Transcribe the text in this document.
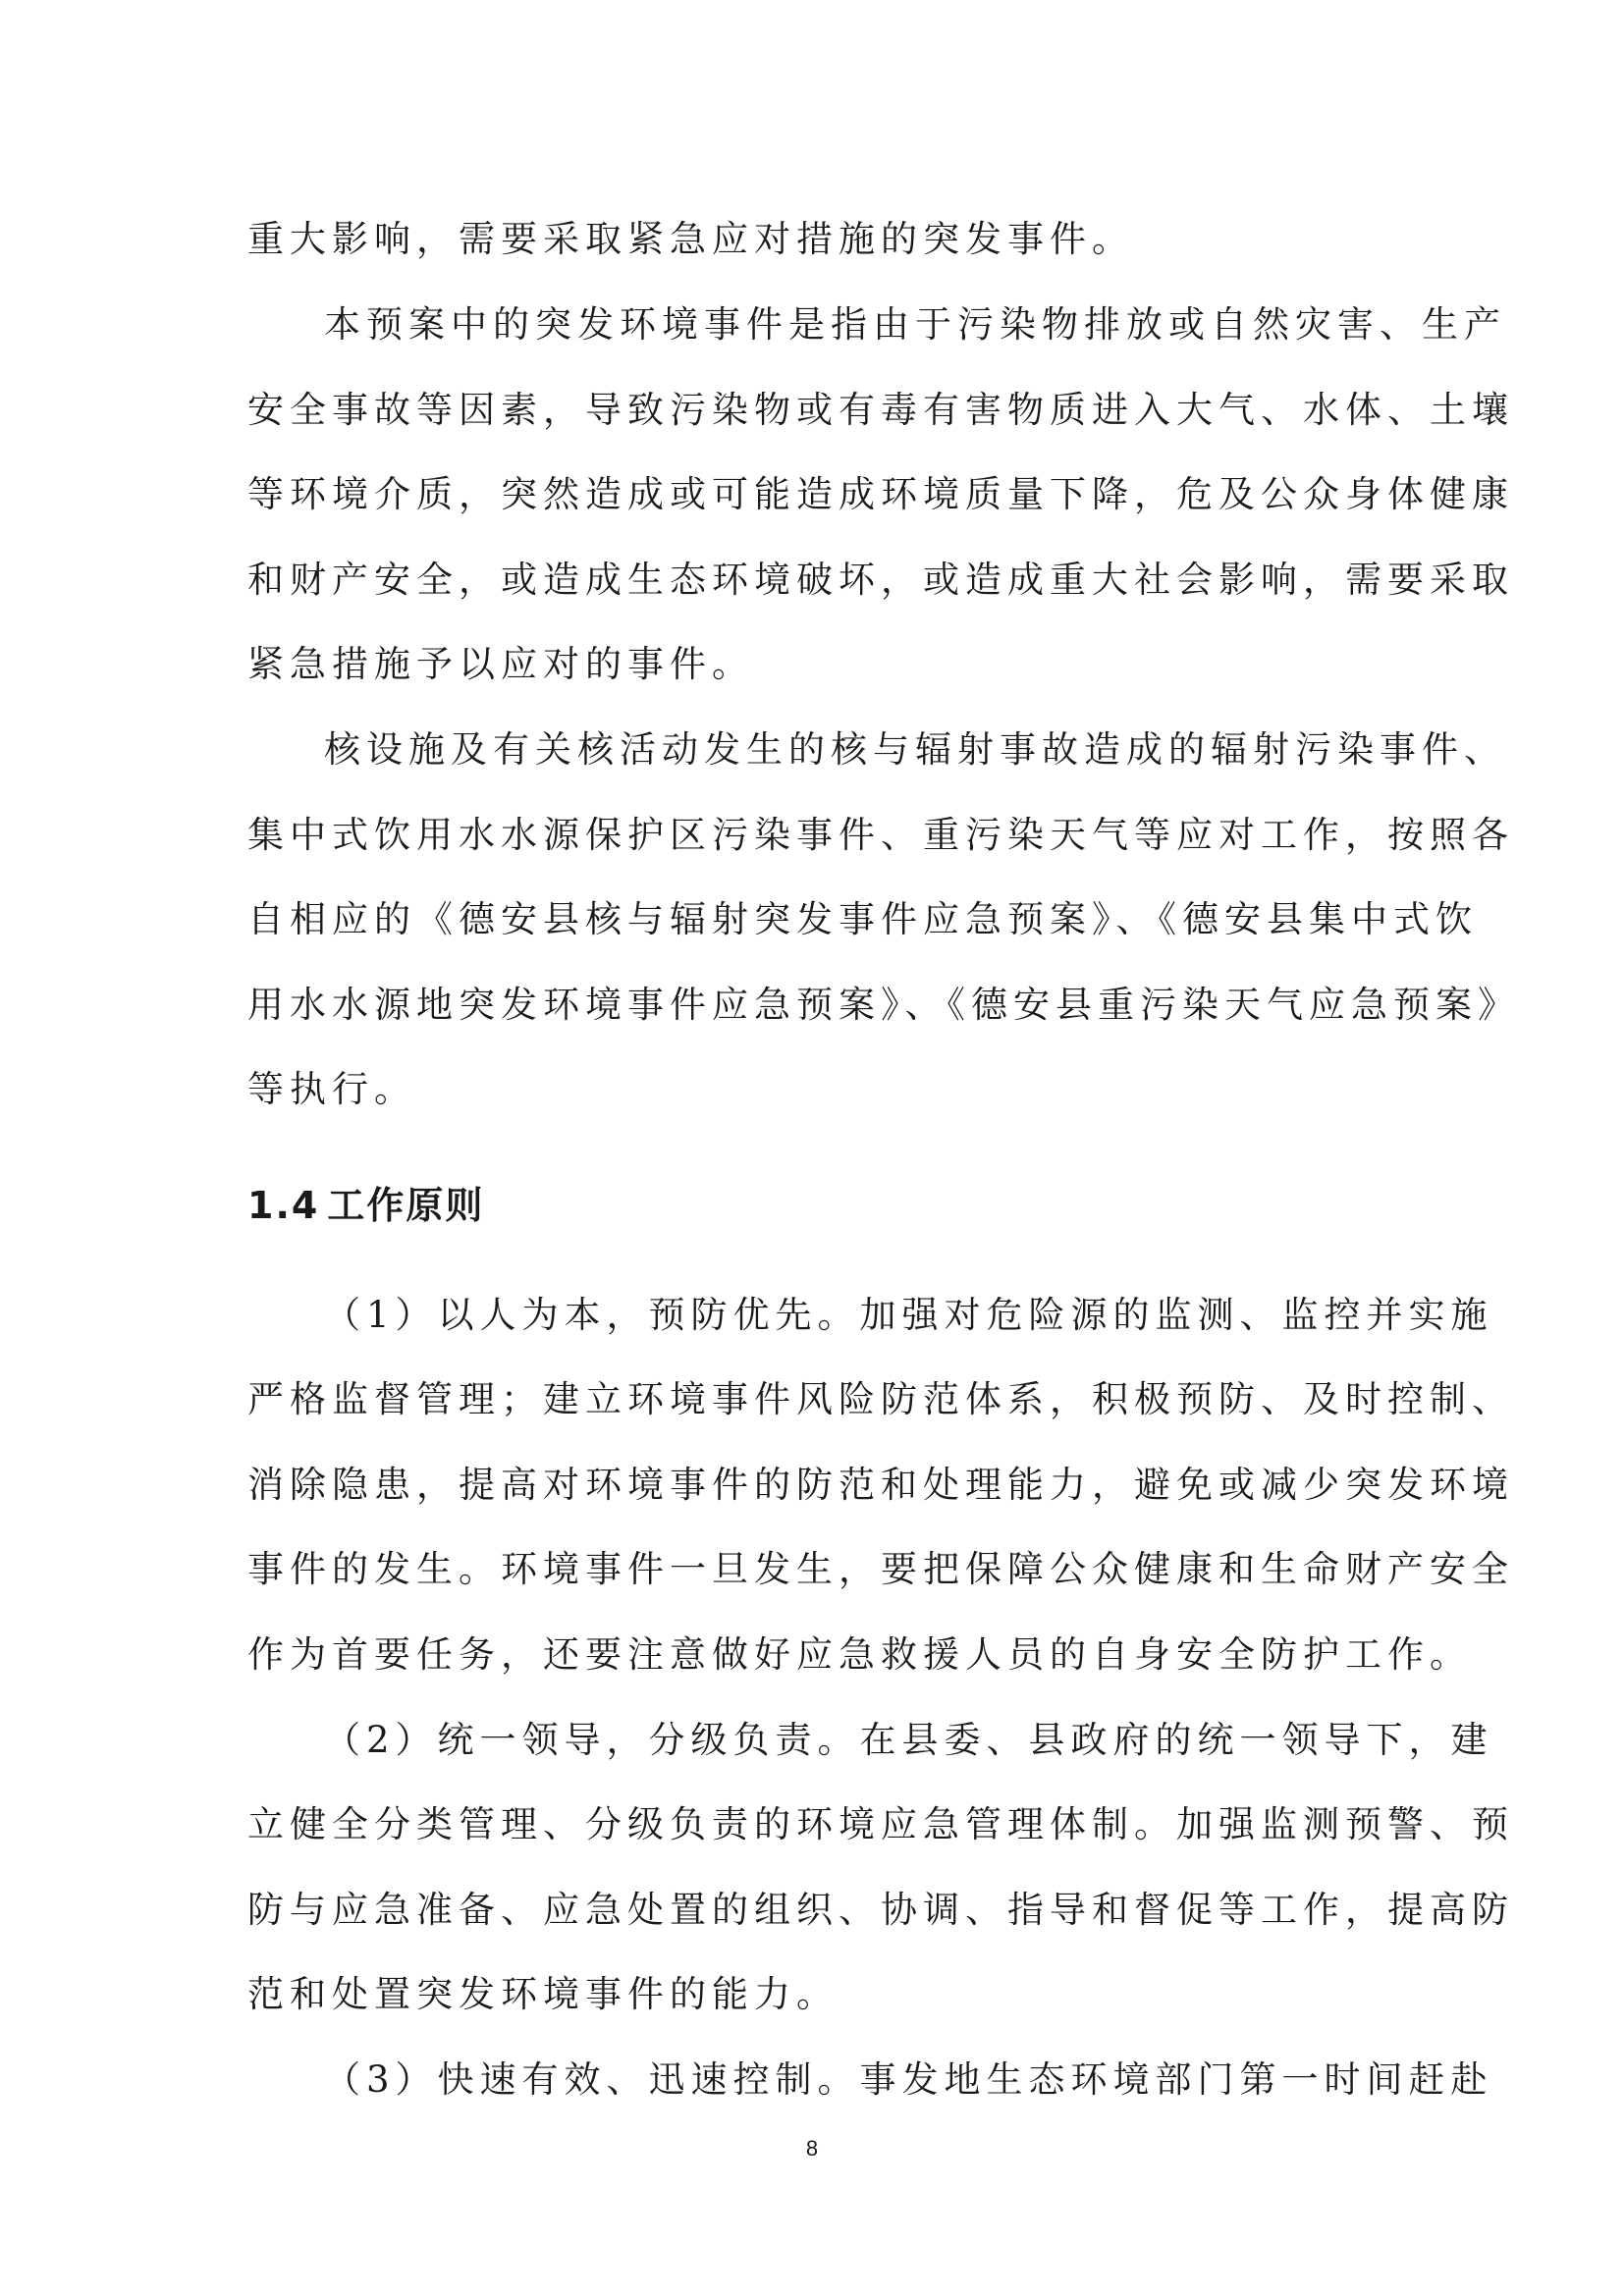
重大影响，需要采取紧急应对措施的突发事件。
本预案中的突发环境事件是指由于污染物排放或自然灾害、生产
安全事故等因素，导致污染物或有毒有害物质进入大气、水体、土壤
等环境介质，突然造成或可能造成环境质量下降，危及公众身体健康
和财产安全，或造成生态环境破坏，或造成重大社会影响，需要采取
紧急措施予以应对的事件。
核设施及有关核活动发生的核与辐射事故造成的辐射污染事件、
集中式饮用水水源保护区污染事件、重污染天气等应对工作，按照各
自相应的《德安县核与辐射突发事件应急预案》、《德安县集中式饮
用水水源地突发环境事件应急预案》、《德安县重污染天气应急预案》
等执行。
1.4 工作原则
（1）以人为本，预防优先。加强对危险源的监测、监控并实施
严格监督管理；建立环境事件风险防范体系，积极预防、及时控制、
消除隐患，提高对环境事件的防范和处理能力，避免或减少突发环境
事件的发生。环境事件一旦发生，要把保障公众健康和生命财产安全
作为首要任务，还要注意做好应急救援人员的自身安全防护工作。
（2）统一领导，分级负责。在县委、县政府的统一领导下，建
立健全分类管理、分级负责的环境应急管理体制。加强监测预警、预
防与应急准备、应急处置的组织、协调、指导和督促等工作，提高防
范和处置突发环境事件的能力。
（3）快速有效、迅速控制。事发地生态环境部门第一时间赶赴
8
